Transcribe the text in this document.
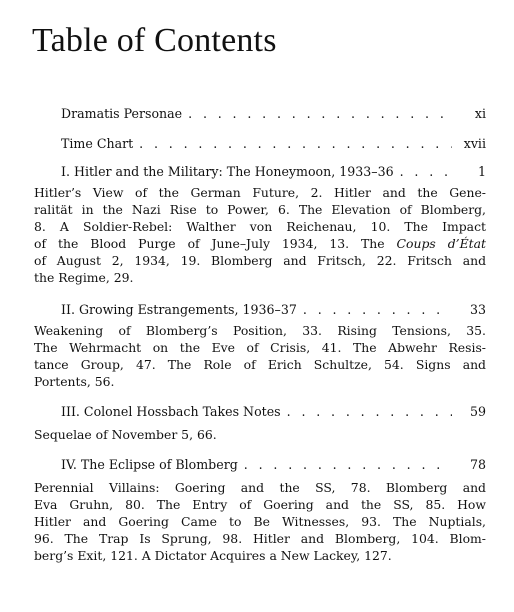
Table of Contents
Dramatis Personae . . .	xi
Time Chart . . .	xvii
I. Hitler and the Military: The Honeymoon, 1933–36 . . .	1
Hitler’s View of the German Future, 2. Hitler and the Gene-
ralität in the Nazi Rise to Power, 6. The Elevation of Blomberg,
8. A Soldier-Rebel: Walther von Reichenau, 10. The Impact
of the Blood Purge of June–July 1934, 13. The Coups d’État
of August 2, 1934, 19. Blomberg and Fritsch, 22. Fritsch and
the Regime, 29.
II. Growing Estrangements, 1936–37 . . .	33
Weakening of Blomberg’s Position, 33. Rising Tensions, 35.
The Wehrmacht on the Eve of Crisis, 41. The Abwehr Resis-
tance Group, 47. The Role of Erich Schultze, 54. Signs and
Portents, 56.
III. Colonel Hossbach Takes Notes . . .	59
Sequelae of November 5, 66.
IV. The Eclipse of Blomberg . . .	78
Perennial Villains: Goering and the SS, 78. Blomberg and
Eva Gruhn, 80. The Entry of Goering and the SS, 85. How
Hitler and Goering Came to Be Witnesses, 93. The Nuptials,
96. The Trap Is Sprung, 98. Hitler and Blomberg, 104. Blom-
berg’s Exit, 121. A Dictator Acquires a New Lackey, 127.
